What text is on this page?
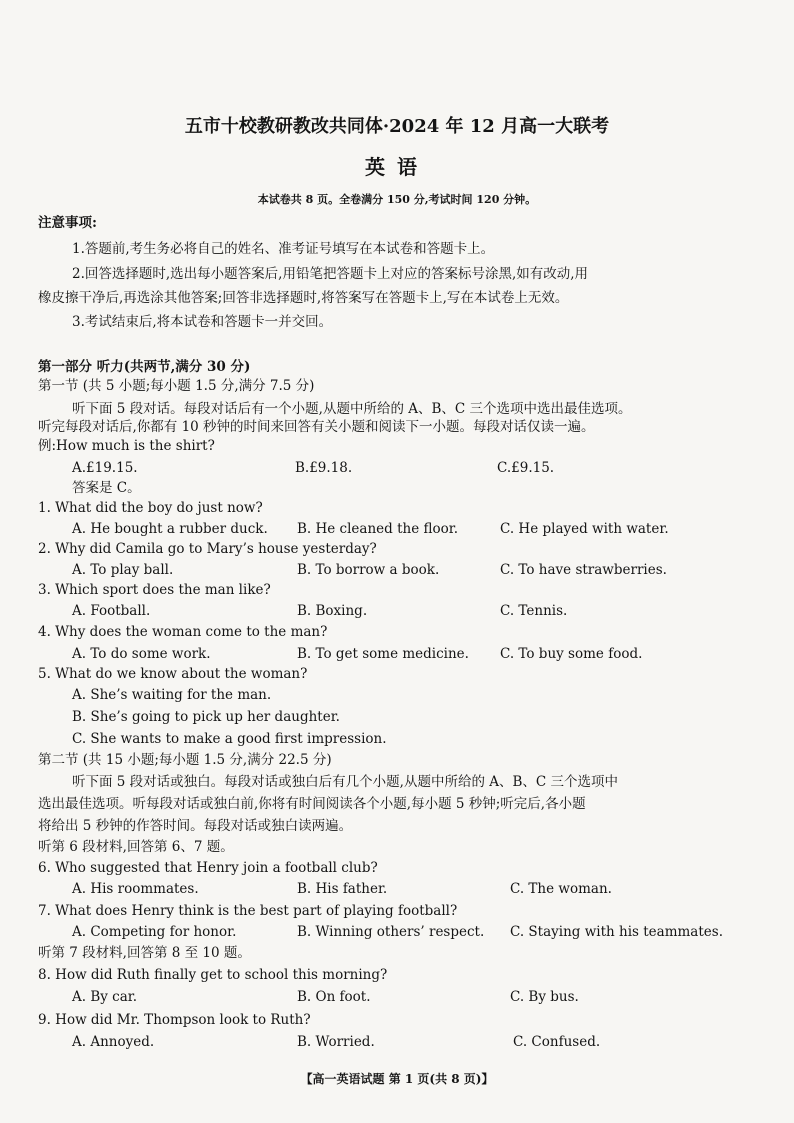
五市十校教研教改共同体·2024 年 12 月高一大联考
英语
本试卷共 8 页。全卷满分 150 分,考试时间 120 分钟。
注意事项:
1.答题前,考生务必将自己的姓名、准考证号填写在本试卷和答题卡上。
2.回答选择题时,选出每小题答案后,用铅笔把答题卡上对应的答案标号涂黑,如有改动,用
橡皮擦干净后,再选涂其他答案;回答非选择题时,将答案写在答题卡上,写在本试卷上无效。
3.考试结束后,将本试卷和答题卡一并交回。
第一部分 听力(共两节,满分 30 分)
第一节 (共 5 小题;每小题 1.5 分,满分 7.5 分)
听下面 5 段对话。每段对话后有一个小题,从题中所给的 A、B、C 三个选项中选出最佳选项。
听完每段对话后,你都有 10 秒钟的时间来回答有关小题和阅读下一小题。每段对话仅读一遍。
例:How much is the shirt?
A.£19.15.	B.£9.18.	C.£9.15.
答案是 C。
1. What did the boy do just now?
A. He bought a rubber duck. B. He cleaned the floor.	C. He played with water.
2. Why did Camila go to Mary’s house yesterday?
A. To play ball.	B. To borrow a book.	C. To have strawberries.
3. Which sport does the man like?
A. Football.	B. Boxing.	C. Tennis.
4. Why does the woman come to the man?
A. To do some work.	B. To get some medicine. C. To buy some food.
5. What do we know about the woman?
A. She’s waiting for the man.
B. She’s going to pick up her daughter.
C. She wants to make a good first impression.
第二节 (共 15 小题;每小题 1.5 分,满分 22.5 分)
听下面 5 段对话或独白。每段对话或独白后有几个小题,从题中所给的 A、B、C 三个选项中
选出最佳选项。听每段对话或独白前,你将有时间阅读各个小题,每小题 5 秒钟;听完后,各小题
将给出 5 秒钟的作答时间。每段对话或独白读两遍。
听第 6 段材料,回答第 6、7 题。
6. Who suggested that Henry join a football club?
A. His roommates.	B. His father.	C. The woman.
7. What does Henry think is the best part of playing football?
A. Competing for honor.	B. Winning others’ respect. C. Staying with his teammates.
听第 7 段材料,回答第 8 至 10 题。
8. How did Ruth finally get to school this morning?
A. By car.	B. On foot.	C. By bus.
9. How did Mr. Thompson look to Ruth?
A. Annoyed.	B. Worried.	C. Confused.
【高一英语试题 第 1 页(共 8 页)】
